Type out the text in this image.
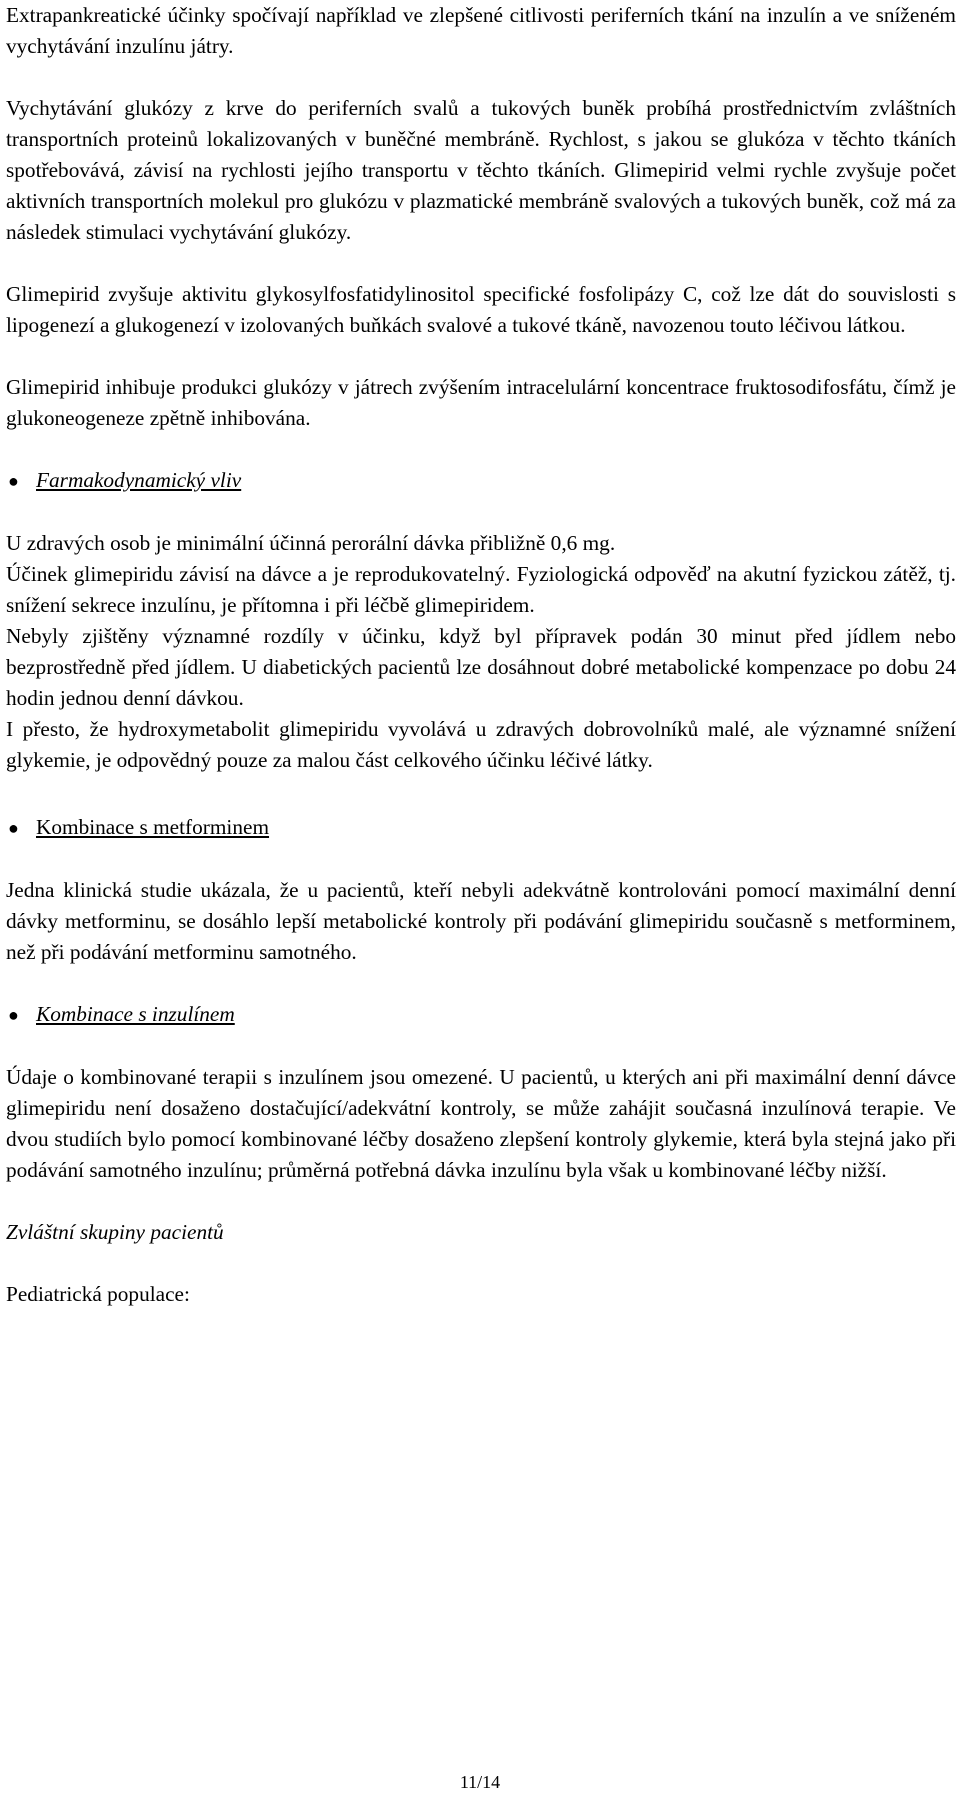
Extrapankreatické účinky spočívají například ve zlepšené citlivosti periferních tkání na inzulín a ve sníženém vychytávání inzulínu játry.

Vychytávání glukózy z krve do periferních svalů a tukových buněk probíhá prostřednictvím zvláštních transportních proteinů lokalizovaných v buněčné membráně. Rychlost, s jakou se glukóza v těchto tkáních spotřebovává, závisí na rychlosti jejího transportu v těchto tkáních. Glimepirid velmi rychle zvyšuje počet aktivních transportních molekul pro glukózu v plazmatické membráně svalových a tukových buněk, což má za následek stimulaci vychytávání glukózy.

Glimepirid zvyšuje aktivitu glykosylfosfatidylinositol specifické fosfolipázy C, což lze dát do souvislosti s lipogenezí a glukogenezí v izolovaných buňkách svalové a tukové tkáně, navozenou touto léčivou látkou.

Glimepirid inhibuje produkci glukózy v játrech zvýšením intracelulární koncentrace fruktosodifosfátu, čímž je glukoneogeneze zpětně inhibována.

● Farmakodynamický vliv

U zdravých osob je minimální účinná perorální dávka přibližně 0,6 mg.

Účinek glimepiridu závisí na dávce a je reprodukovatelný. Fyziologická odpověď na akutní fyzickou zátěž, tj. snížení sekrece inzulínu, je přítomna i při léčbě glimepiridem.

Nebyly zjištěny významné rozdíly v účinku, když byl přípravek podán 30 minut před jídlem nebo bezprostředně před jídlem. U diabetických pacientů lze dosáhnout dobré metabolické kompenzace po dobu 24 hodin jednou denní dávkou.

I přesto, že hydroxymetabolit glimepiridu vyvolává u zdravých dobrovolníků malé, ale významné snížení glykemie, je odpovědný pouze za malou část celkového účinku léčivé látky.

● Kombinace s metforminem

Jedna klinická studie ukázala, že u pacientů, kteří nebyli adekvátně kontrolováni pomocí maximální denní dávky metforminu, se dosáhlo lepší metabolické kontroly při podávání glimepiridu současně s metforminem, než při podávání metforminu samotného.

● Kombinace s inzulínem

Údaje o kombinované terapii s inzulínem jsou omezené. U pacientů, u kterých ani při maximální denní dávce glimepiridu není dosaženo dostačující/adekvátní kontroly, se může zahájit současná inzulínová terapie. Ve dvou studiích bylo pomocí kombinované léčby dosaženo zlepšení kontroly glykemie, která byla stejná jako při podávání samotného inzulínu; průměrná potřebná dávka inzulínu byla však u kombinované léčby nižší.

Zvláštní skupiny pacientů

Pediatrická populace:

11/14
